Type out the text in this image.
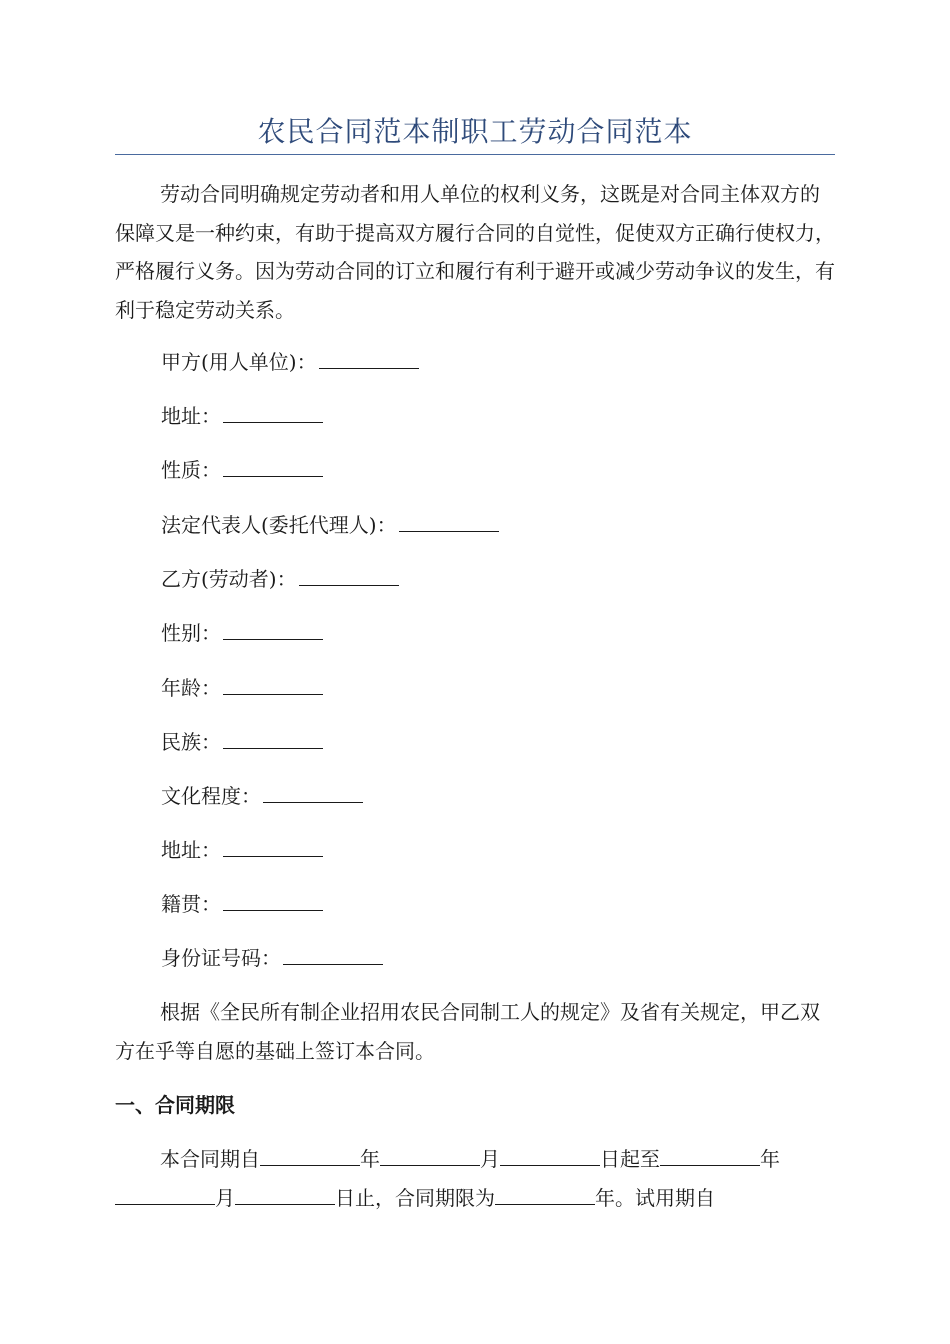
农民合同范本制职工劳动合同范本

劳动合同明确规定劳动者和用人单位的权利义务，这既是对合同主体双方的保障又是一种约束，有助于提高双方履行合同的自觉性，促使双方正确行使权力，严格履行义务。因为劳动合同的订立和履行有利于避开或减少劳动争议的发生，有利于稳定劳动关系。

甲方(用人单位)：
地址：
性质：
法定代表人(委托代理人)：
乙方(劳动者)：
性别：
年龄：
民族：
文化程度：
地址：
籍贯：
身份证号码：

根据《全民所有制企业招用农民合同制工人的规定》及省有关规定，甲乙双方在乎等自愿的基础上签订本合同。

一、合同期限
本合同期自	年	月	日起至	年
月	日止，合同期限为	年。试用期自
